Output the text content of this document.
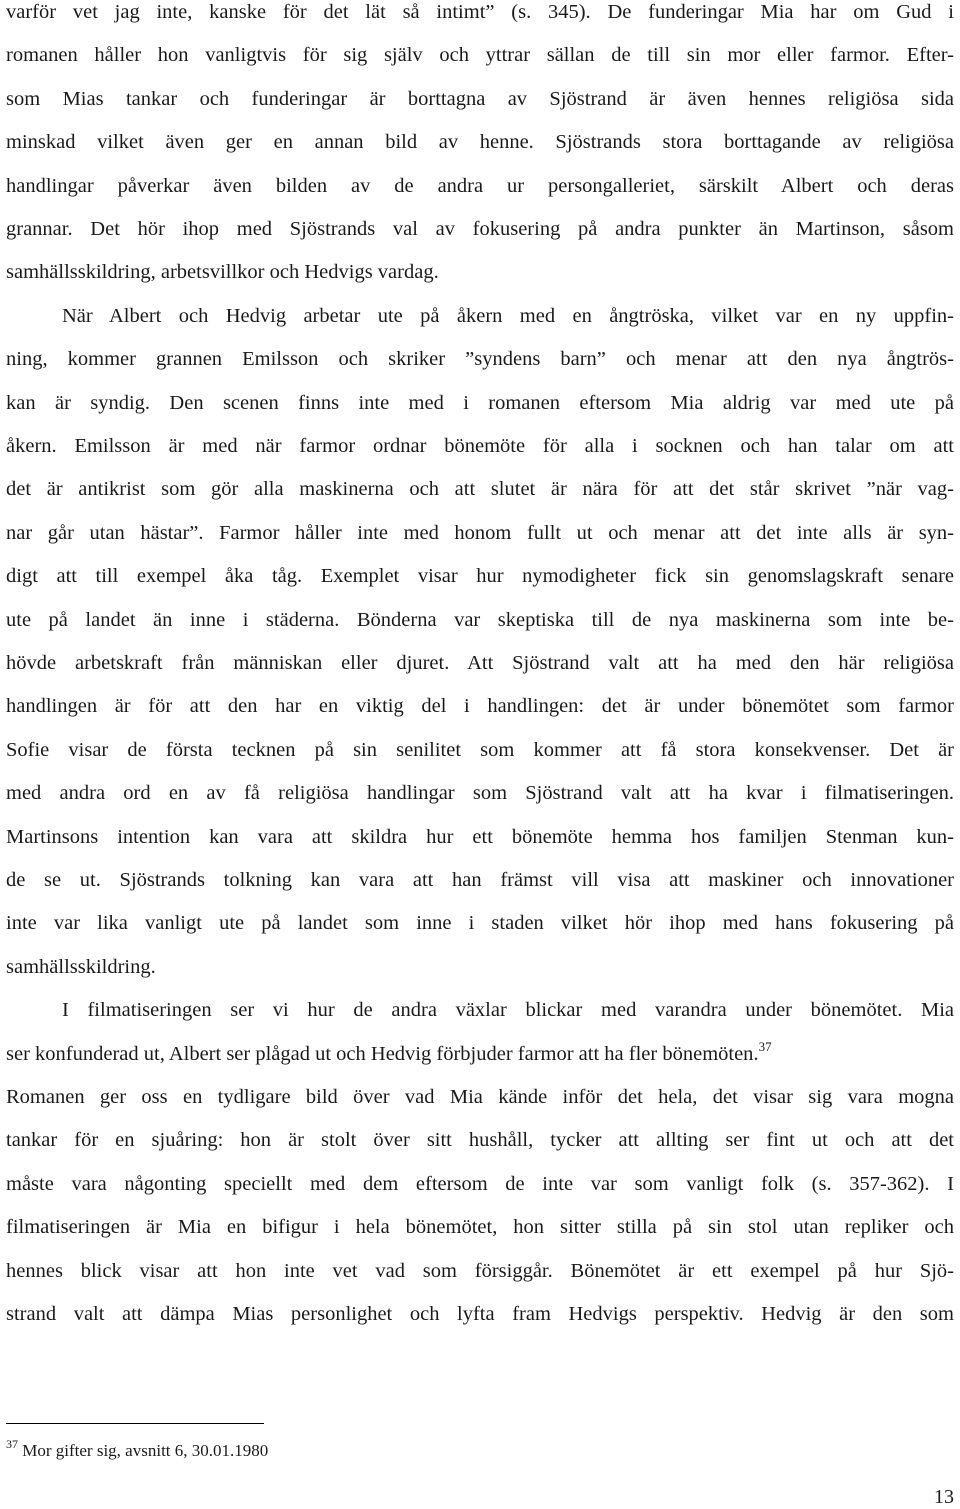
varför vet jag inte, kanske för det lät så intimt” (s. 345). De funderingar Mia har om Gud i

romanen håller hon vanligtvis för sig själv och yttrar sällan de till sin mor eller farmor. Efter-

som Mias tankar och funderingar är borttagna av Sjöstrand är även hennes religiösa sida

minskad vilket även ger en annan bild av henne. Sjöstrands stora borttagande av religiösa

handlingar påverkar även bilden av de andra ur persongalleriet, särskilt Albert och deras

grannar. Det hör ihop med Sjöstrands val av fokusering på andra punkter än Martinson, såsom

samhällsskildring, arbetsvillkor och Hedvigs vardag.

När Albert och Hedvig arbetar ute på åkern med en ångtröska, vilket var en ny uppfin-

ning, kommer grannen Emilsson och skriker ”syndens barn” och menar att den nya ångtrös-

kan är syndig. Den scenen finns inte med i romanen eftersom Mia aldrig var med ute på

åkern. Emilsson är med när farmor ordnar bönemöte för alla i socknen och han talar om att

det är antikrist som gör alla maskinerna och att slutet är nära för att det står skrivet ”när vag-

nar går utan hästar”. Farmor håller inte med honom fullt ut och menar att det inte alls är syn-

digt att till exempel åka tåg. Exemplet visar hur nymodigheter fick sin genomslagskraft senare

ute på landet än inne i städerna. Bönderna var skeptiska till de nya maskinerna som inte be-

hövde arbetskraft från människan eller djuret. Att Sjöstrand valt att ha med den här religiösa

handlingen är för att den har en viktig del i handlingen: det är under bönemötet som farmor

Sofie visar de första tecknen på sin senilitet som kommer att få stora konsekvenser. Det är

med andra ord en av få religiösa handlingar som Sjöstrand valt att ha kvar i filmatiseringen.

Martinsons intention kan vara att skildra hur ett bönemöte hemma hos familjen Stenman kun-

de se ut. Sjöstrands tolkning kan vara att han främst vill visa att maskiner och innovationer

inte var lika vanligt ute på landet som inne i staden vilket hör ihop med hans fokusering på

samhällsskildring.

I filmatiseringen ser vi hur de andra växlar blickar med varandra under bönemötet. Mia

ser konfunderad ut, Albert ser plågad ut och Hedvig förbjuder farmor att ha fler bönemöten.$^{37}$

Romanen ger oss en tydligare bild över vad Mia kände inför det hela, det visar sig vara mogna

tankar för en sjuåring: hon är stolt över sitt hushåll, tycker att allting ser fint ut och att det

måste vara någonting speciellt med dem eftersom de inte var som vanligt folk (s. 357-362). I

filmatiseringen är Mia en bifigur i hela bönemötet, hon sitter stilla på sin stol utan repliker och

hennes blick visar att hon inte vet vad som försiggår. Bönemötet är ett exempel på hur Sjö-

strand valt att dämpa Mias personlighet och lyfta fram Hedvigs perspektiv. Hedvig är den som

$^{37}$ Mor gifter sig, avsnitt 6, 30.01.1980
13
